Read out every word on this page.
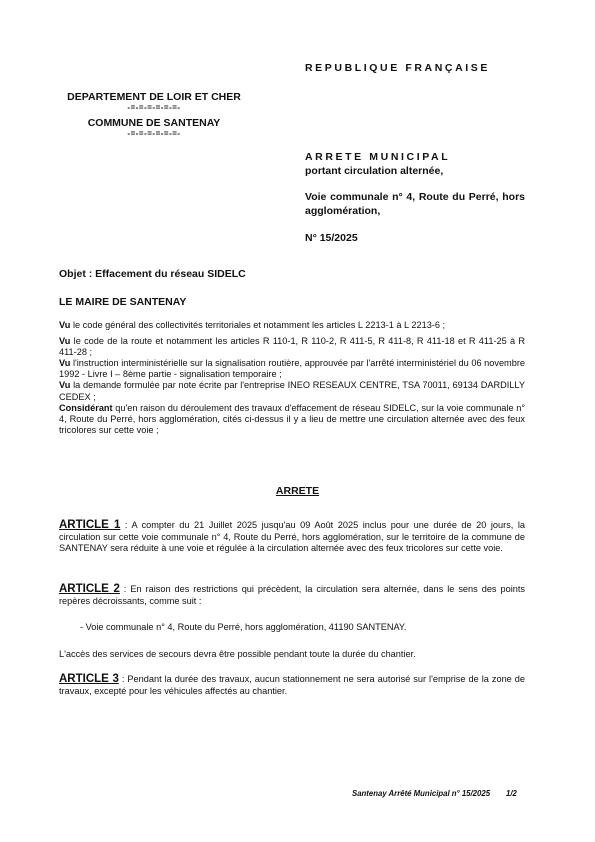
REPUBLIQUE FRANÇAISE
DEPARTEMENT DE LOIR ET CHER
-=-=-=-=-=-=-
COMMUNE DE SANTENAY
-=-=-=-=-=-=-
ARRETE MUNICIPAL
portant circulation alternée,
Voie communale n° 4, Route du Perré, hors agglomération,
N° 15/2025
Objet : Effacement du réseau SIDELC
LE MAIRE DE SANTENAY

Vu le code général des collectivités territoriales et notamment les articles L 2213-1 à L 2213-6 ;

Vu le code de la route et notamment les articles R 110-1, R 110-2, R 411-5, R 411-8, R 411-18 et R 411-25 à R 411-28 ;

Vu l'instruction interministérielle sur la signalisation routière, approuvée par l'arrêté interministériel du 06 novembre 1992 - Livre I – 8ème partie - signalisation temporaire ;

Vu la demande formulée par note écrite par l'entreprise INEO RESEAUX CENTRE, TSA 70011, 69134 DARDILLY CEDEX ;

Considérant qu'en raison du déroulement des travaux d'effacement de réseau SIDELC, sur la voie communale n° 4, Route du Perré, hors agglomération, cités ci-dessus il y a lieu de mettre une circulation alternée avec des feux tricolores sur cette voie ;

ARRETE
ARTICLE 1 : A compter du 21 Juillet 2025 jusqu'au 09 Août 2025 inclus pour une durée de 20 jours, la circulation sur cette voie communale n° 4, Route du Perré, hors agglomération, sur le territoire de la commune de SANTENAY sera réduite à une voie et régulée à la circulation alternée avec des feux tricolores sur cette voie.
ARTICLE 2 : En raison des restrictions qui précèdent, la circulation sera alternée, dans le sens des points repères décroissants, comme suit :
- Voie communale n° 4, Route du Perré, hors agglomération, 41190 SANTENAY.
L'accès des services de secours devra être possible pendant toute la durée du chantier.
ARTICLE 3 : Pendant la durée des travaux, aucun stationnement ne sera autorisé sur l'emprise de la zone de travaux, excepté pour les véhicules affectés au chantier.
Santenay Arrêté Municipal n° 15/2025 1/2
